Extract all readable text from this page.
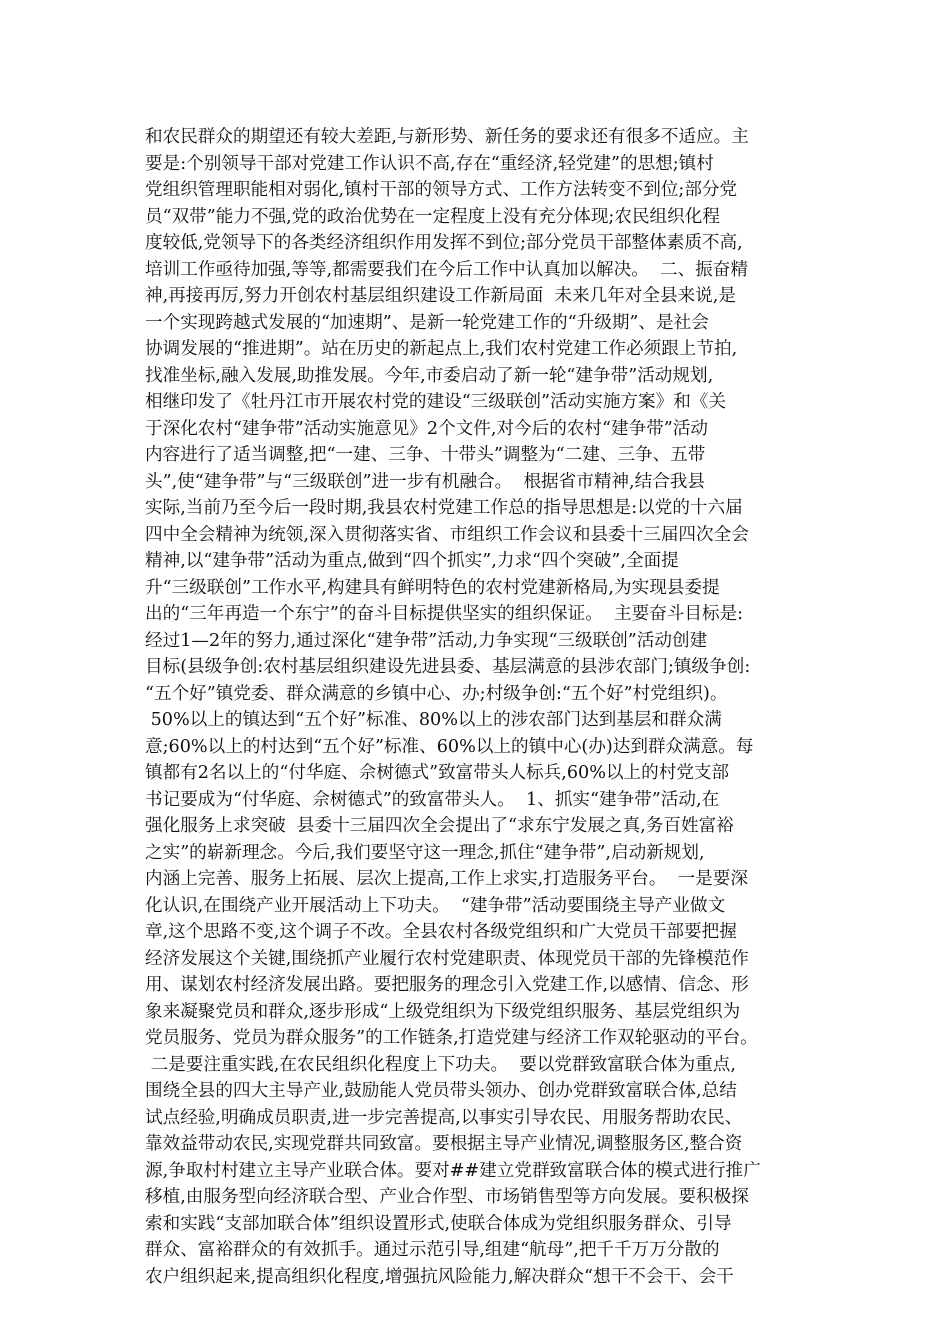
和农民群众的期望还有较大差距,与新形势、新任务的要求还有很多不适应。主
要是:个别领导干部对党建工作认识不高,存在“重经济,轻党建”的思想;镇村
党组织管理职能相对弱化,镇村干部的领导方式、工作方法转变不到位;部分党
员“双带”能力不强,党的政治优势在一定程度上没有充分体现;农民组织化程
度较低,党领导下的各类经济组织作用发挥不到位;部分党员干部整体素质不高,
培训工作亟待加强,等等,都需要我们在今后工作中认真加以解决。  二、振奋精
神,再接再厉,努力开创农村基层组织建设工作新局面  未来几年对全县来说,是
一个实现跨越式发展的“加速期”、是新一轮党建工作的“升级期”、是社会
协调发展的“推进期”。站在历史的新起点上,我们农村党建工作必须跟上节拍,
找准坐标,融入发展,助推发展。今年,市委启动了新一轮“建争带”活动规划,
相继印发了《牡丹江市开展农村党的建设“三级联创”活动实施方案》和《关
于深化农村“建争带”活动实施意见》2个文件,对今后的农村“建争带”活动
内容进行了适当调整,把“一建、三争、十带头”调整为“二建、三争、五带
头”,使“建争带”与“三级联创”进一步有机融合。  根据省市精神,结合我县
实际,当前乃至今后一段时期,我县农村党建工作总的指导思想是:以党的十六届
四中全会精神为统领,深入贯彻落实省、市组织工作会议和县委十三届四次全会
精神,以“建争带”活动为重点,做到“四个抓实”,力求“四个突破”,全面提
升“三级联创”工作水平,构建具有鲜明特色的农村党建新格局,为实现县委提
出的“三年再造一个东宁”的奋斗目标提供坚实的组织保证。  主要奋斗目标是:
经过1—2年的努力,通过深化“建争带”活动,力争实现“三级联创”活动创建
目标(县级争创:农村基层组织建设先进县委、基层满意的县涉农部门;镇级争创:
“五个好”镇党委、群众满意的乡镇中心、办;村级争创:“五个好”村党组织)。
50%以上的镇达到“五个好”标准、80%以上的涉农部门达到基层和群众满
意;60%以上的村达到“五个好”标准、60%以上的镇中心(办)达到群众满意。每
镇都有2名以上的“付华庭、佘树德式”致富带头人标兵,60%以上的村党支部
书记要成为“付华庭、佘树德式”的致富带头人。  1、抓实“建争带”活动,在
强化服务上求突破  县委十三届四次全会提出了“求东宁发展之真,务百姓富裕
之实”的崭新理念。今后,我们要坚守这一理念,抓住“建争带”,启动新规划,
内涵上完善、服务上拓展、层次上提高,工作上求实,打造服务平台。  一是要深
化认识,在围绕产业开展活动上下功夫。  “建争带”活动要围绕主导产业做文
章,这个思路不变,这个调子不改。全县农村各级党组织和广大党员干部要把握
经济发展这个关键,围绕抓产业履行农村党建职责、体现党员干部的先锋模范作
用、谋划农村经济发展出路。要把服务的理念引入党建工作,以感情、信念、形
象来凝聚党员和群众,逐步形成“上级党组织为下级党组织服务、基层党组织为
党员服务、党员为群众服务”的工作链条,打造党建与经济工作双轮驱动的平台。
二是要注重实践,在农民组织化程度上下功夫。  要以党群致富联合体为重点,
围绕全县的四大主导产业,鼓励能人党员带头领办、创办党群致富联合体,总结
试点经验,明确成员职责,进一步完善提高,以事实引导农民、用服务帮助农民、
靠效益带动农民,实现党群共同致富。要根据主导产业情况,调整服务区,整合资
源,争取村村建立主导产业联合体。要对##建立党群致富联合体的模式进行推广
移植,由服务型向经济联合型、产业合作型、市场销售型等方向发展。要积极探
索和实践“支部加联合体”组织设置形式,使联合体成为党组织服务群众、引导
群众、富裕群众的有效抓手。通过示范引导,组建“航母”,把千千万万分散的
农户组织起来,提高组织化程度,增强抗风险能力,解决群众“想干不会干、会干
